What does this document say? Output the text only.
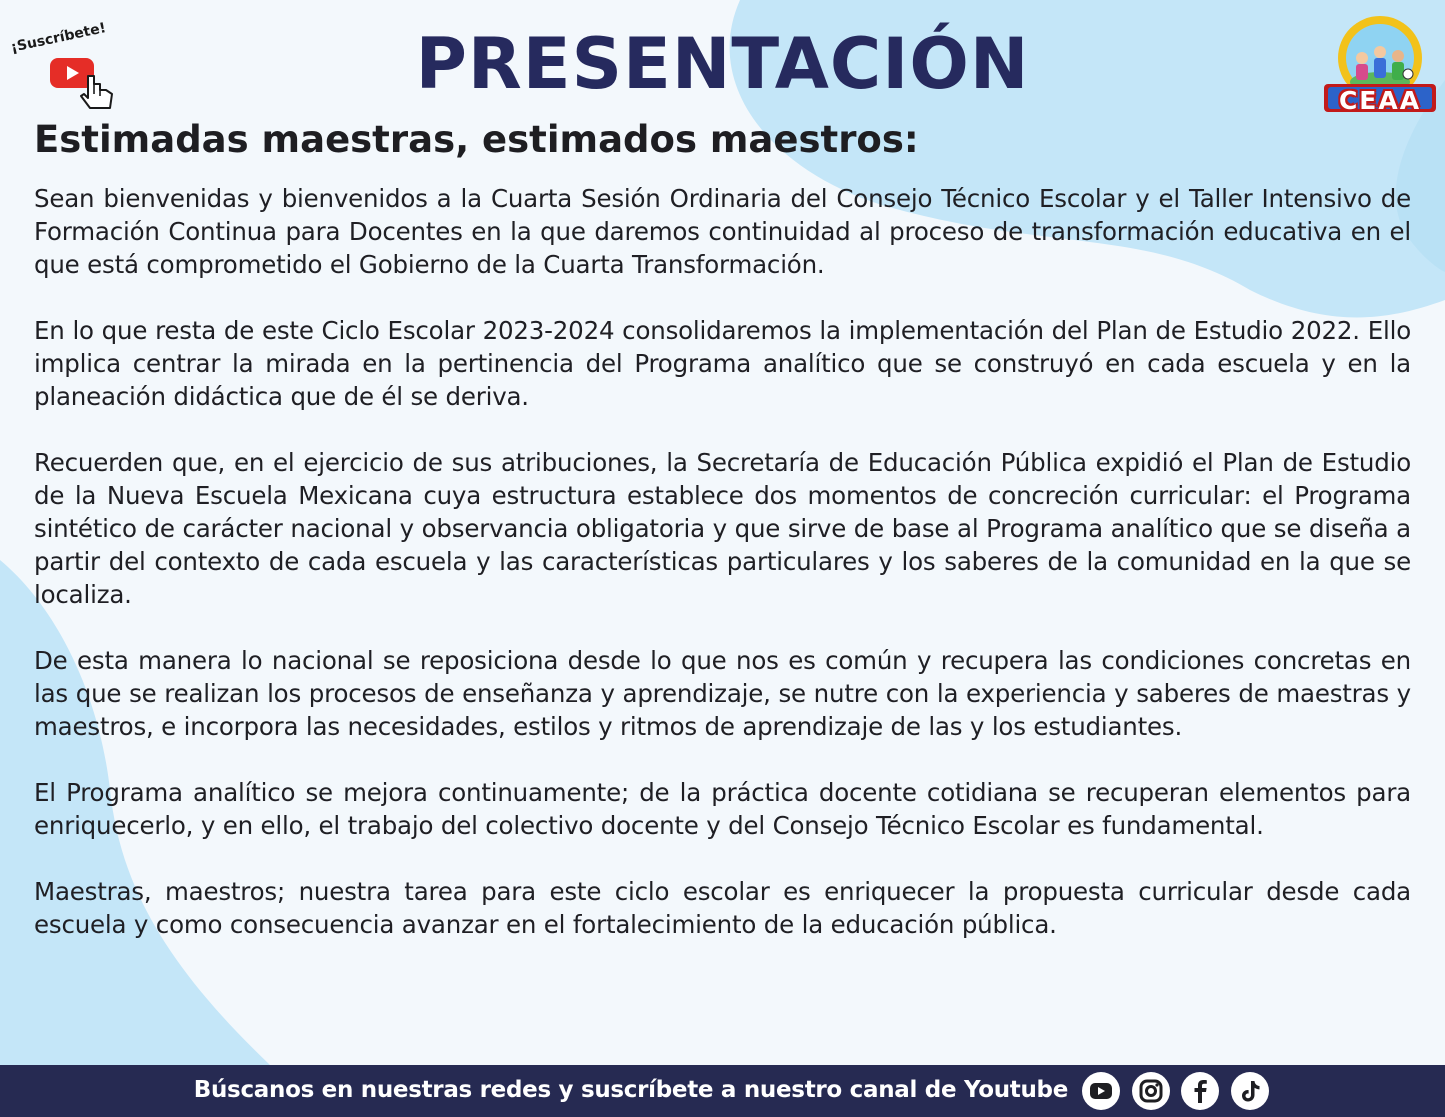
¡Suscríbete!	PRESENTACIÓN	CEAA
Estimadas maestras, estimados maestros:

Sean bienvenidas y bienvenidos a la Cuarta Sesión Ordinaria del Consejo Técnico Escolar y el Taller Intensivo de Formación Continua para Docentes en la que daremos continuidad al proceso de transformación educativa en el que está comprometido el Gobierno de la Cuarta Transformación.

En lo que resta de este Ciclo Escolar 2023-2024 consolidaremos la implementación del Plan de Estudio 2022. Ello implica centrar la mirada en la pertinencia del Programa analítico que se construyó en cada escuela y en la planeación didáctica que de él se deriva.

Recuerden que, en el ejercicio de sus atribuciones, la Secretaría de Educación Pública expidió el Plan de Estudio de la Nueva Escuela Mexicana cuya estructura establece dos momentos de concreción curricular: el Programa sintético de carácter nacional y observancia obligatoria y que sirve de base al Programa analítico que se diseña a partir del contexto de cada escuela y las características particulares y los saberes de la comunidad en la que se localiza.

De esta manera lo nacional se reposiciona desde lo que nos es común y recupera las condiciones concretas en las que se realizan los procesos de enseñanza y aprendizaje, se nutre con la experiencia y saberes de maestras y maestros, e incorpora las necesidades, estilos y ritmos de aprendizaje de las y los estudiantes.

El Programa analítico se mejora continuamente; de la práctica docente cotidiana se recuperan elementos para enriquecerlo, y en ello, el trabajo del colectivo docente y del Consejo Técnico Escolar es fundamental.

Maestras, maestros; nuestra tarea para este ciclo escolar es enriquecer la propuesta curricular desde cada escuela y como consecuencia avanzar en el fortalecimiento de la educación pública.

Búscanos en nuestras redes y suscríbete a nuestro canal de Youtube
